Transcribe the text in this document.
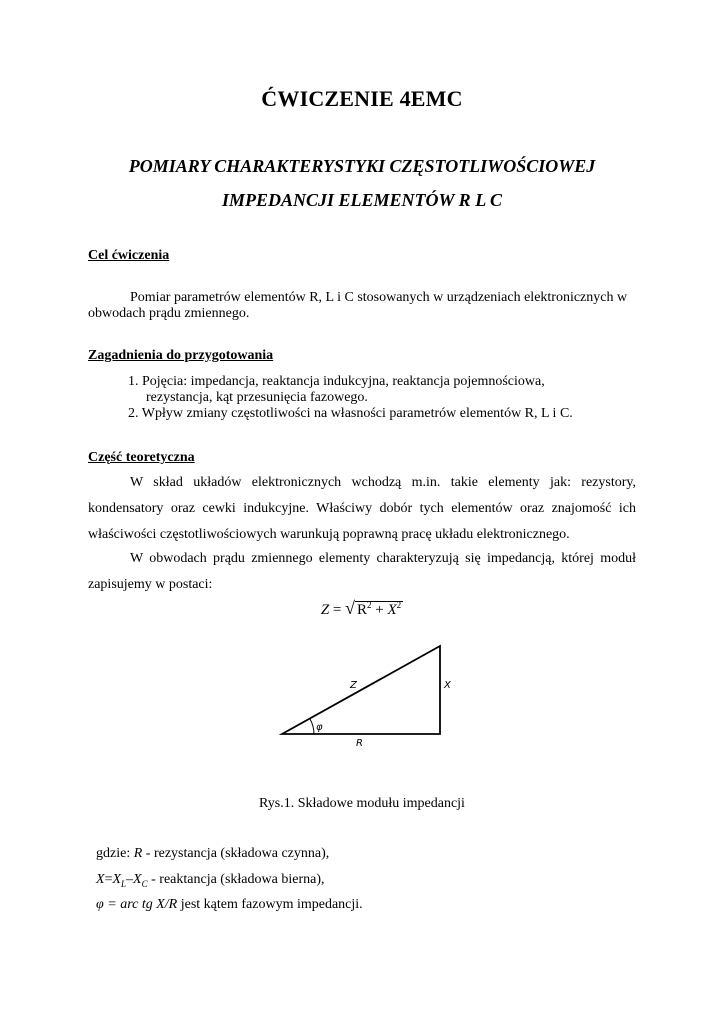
ĆWICZENIE 4EMC
POMIARY CHARAKTERYSTYKI CZĘSTOTLIWOŚCIOWEJ
IMPEDANCJI ELEMENTÓW R L C
Cel ćwiczenia
Pomiar parametrów elementów R, L i C stosowanych w urządzeniach elektronicznych w obwodach prądu zmiennego.
Zagadnienia do przygotowania
1. Pojęcia: impedancja, reaktancja indukcyjna, reaktancja pojemnościowa,
rezystancja, kąt przesunięcia fazowego.
2. Wpływ zmiany częstotliwości na własności parametrów elementów R, L i C.
Część teoretyczna
W skład układów elektronicznych wchodzą m.in. takie elementy jak: rezystory, kondensatory oraz cewki indukcyjne. Właściwy dobór tych elementów oraz znajomość ich właściwości częstotliwościowych warunkują poprawną pracę układu elektronicznego.
W obwodach prądu zmiennego elementy charakteryzują się impedancją, której moduł zapisujemy w postaci:
Z = √ $R^2 + X^2$
φ
Z	X
R
Rys.1. Składowe modułu impedancji
gdzie: R - rezystancja (składowa czynna),
$X=X_L-X_C$ - reaktancja (składowa bierna),
φ = arc tg X/R jest kątem fazowym impedancji.
